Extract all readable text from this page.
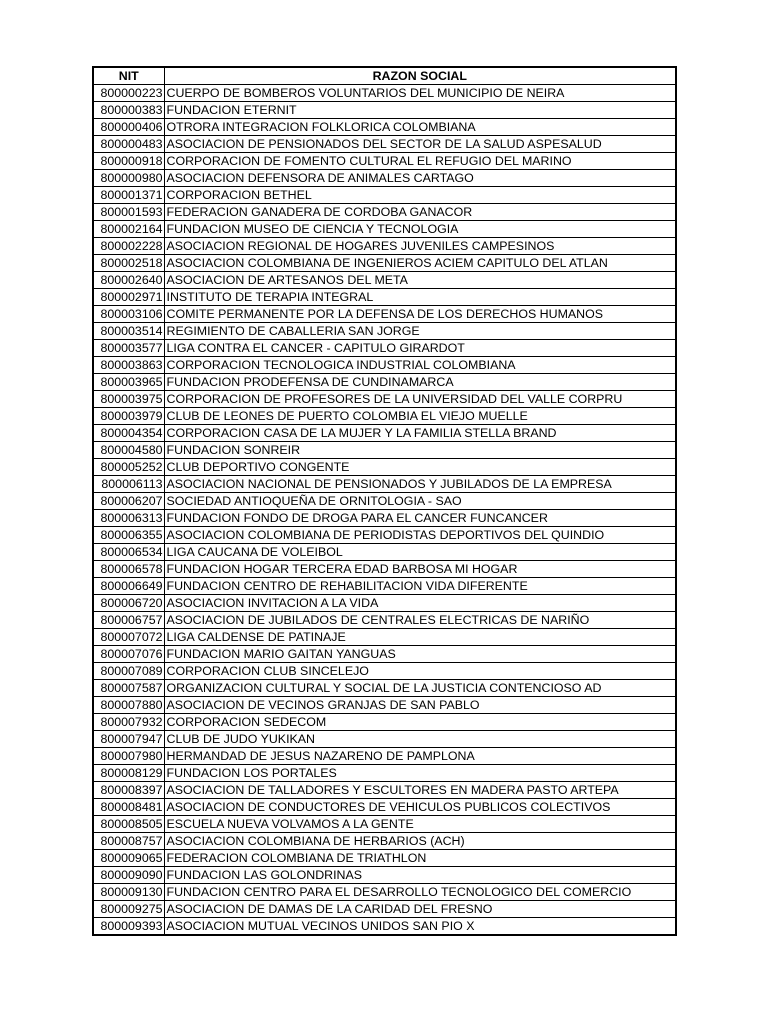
NIT	RAZON SOCIAL
800000223	CUERPO DE BOMBEROS VOLUNTARIOS DEL MUNICIPIO DE NEIRA
800000383	FUNDACION ETERNIT
800000406	OTRORA INTEGRACION FOLKLORICA COLOMBIANA
800000483	ASOCIACION DE PENSIONADOS DEL SECTOR DE LA SALUD ASPESALUD
800000918	CORPORACION DE FOMENTO CULTURAL EL REFUGIO DEL MARINO
800000980	ASOCIACION DEFENSORA DE ANIMALES CARTAGO
800001371	CORPORACION BETHEL
800001593	FEDERACION GANADERA DE CORDOBA GANACOR
800002164	FUNDACION MUSEO DE CIENCIA Y TECNOLOGIA
800002228	ASOCIACION REGIONAL DE HOGARES JUVENILES CAMPESINOS
800002518	ASOCIACION COLOMBIANA DE INGENIEROS ACIEM CAPITULO DEL ATLAN
800002640	ASOCIACION DE ARTESANOS DEL META
800002971	INSTITUTO DE TERAPIA INTEGRAL
800003106	COMITE PERMANENTE POR LA DEFENSA DE LOS DERECHOS HUMANOS
800003514	REGIMIENTO DE CABALLERIA SAN JORGE
800003577	LIGA CONTRA EL CANCER - CAPITULO GIRARDOT
800003863	CORPORACION TECNOLOGICA INDUSTRIAL COLOMBIANA
800003965	FUNDACION PRODEFENSA DE CUNDINAMARCA
800003975	CORPORACION DE PROFESORES DE LA UNIVERSIDAD DEL VALLE CORPRU
800003979	CLUB DE LEONES DE PUERTO COLOMBIA EL VIEJO MUELLE
800004354	CORPORACION CASA DE LA MUJER Y LA FAMILIA STELLA BRAND
800004580	FUNDACION SONREIR
800005252	CLUB DEPORTIVO CONGENTE
800006113	ASOCIACION NACIONAL DE PENSIONADOS Y JUBILADOS DE LA EMPRESA
800006207	SOCIEDAD ANTIOQUEÑA DE ORNITOLOGIA - SAO
800006313	FUNDACION FONDO DE DROGA PARA EL CANCER FUNCANCER
800006355	ASOCIACION COLOMBIANA DE PERIODISTAS DEPORTIVOS DEL QUINDIO
800006534	LIGA CAUCANA DE VOLEIBOL
800006578	FUNDACION HOGAR TERCERA EDAD BARBOSA MI HOGAR
800006649	FUNDACION CENTRO DE REHABILITACION VIDA DIFERENTE
800006720	ASOCIACION INVITACION A LA VIDA
800006757	ASOCIACION DE JUBILADOS DE CENTRALES ELECTRICAS DE NARIÑO
800007072	LIGA CALDENSE DE PATINAJE
800007076	FUNDACION MARIO GAITAN YANGUAS
800007089	CORPORACION CLUB SINCELEJO
800007587	ORGANIZACION CULTURAL Y SOCIAL DE LA JUSTICIA CONTENCIOSO AD
800007880	ASOCIACION DE VECINOS GRANJAS DE SAN PABLO
800007932	CORPORACION SEDECOM
800007947	CLUB DE JUDO YUKIKAN
800007980	HERMANDAD DE JESUS NAZARENO DE PAMPLONA
800008129	FUNDACION LOS PORTALES
800008397	ASOCIACION DE TALLADORES Y ESCULTORES EN MADERA PASTO ARTEPA
800008481	ASOCIACION DE CONDUCTORES DE VEHICULOS PUBLICOS COLECTIVOS
800008505	ESCUELA NUEVA VOLVAMOS A LA GENTE
800008757	ASOCIACION COLOMBIANA DE HERBARIOS (ACH)
800009065	FEDERACION COLOMBIANA DE TRIATHLON
800009090	FUNDACION LAS GOLONDRINAS
800009130	FUNDACION CENTRO PARA EL DESARROLLO TECNOLOGICO DEL COMERCIO
800009275	ASOCIACION DE DAMAS DE LA CARIDAD DEL FRESNO
800009393	ASOCIACION MUTUAL VECINOS UNIDOS SAN PIO X
